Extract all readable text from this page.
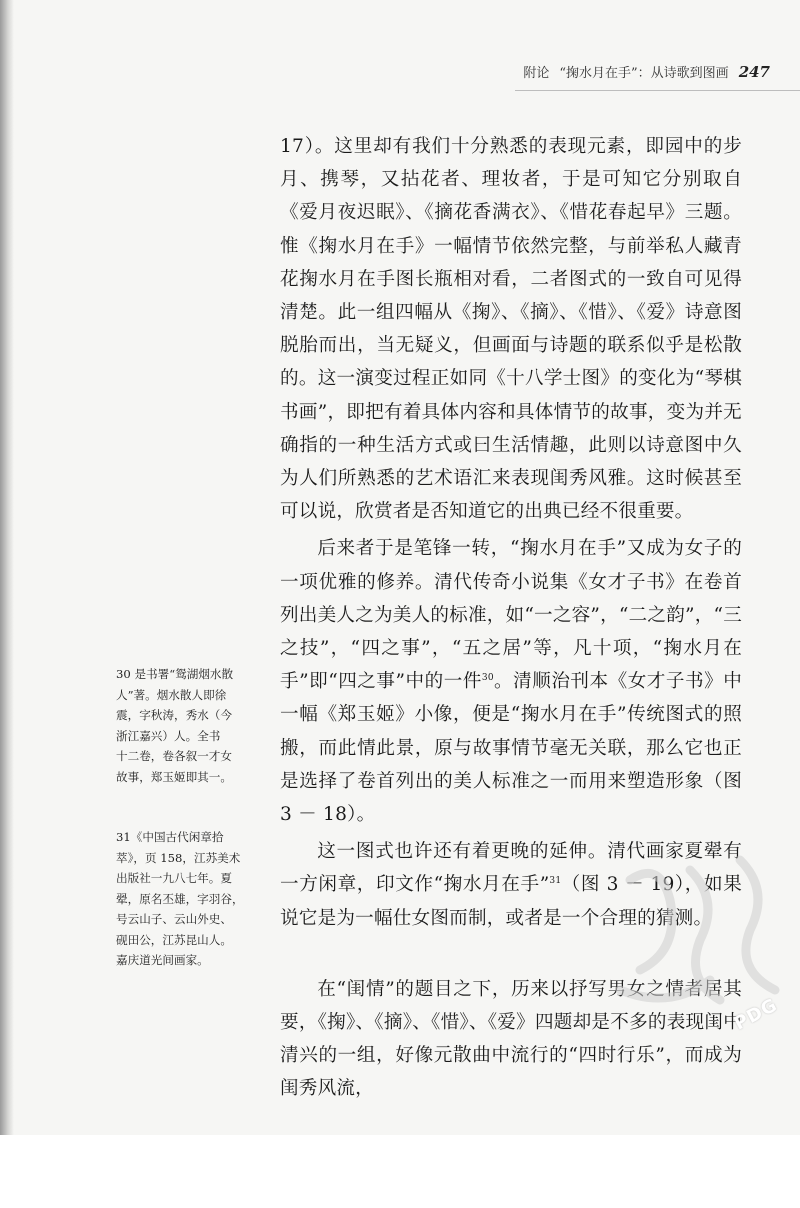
附论 “掬水月在手”：从诗歌到图画 247

17）。这里却有我们十分熟悉的表现元素，即园中的步月、携琴，又拈花者、理妆者，于是可知它分别取自《爱月夜迟眠》、《摘花香满衣》、《惜花春起早》三题。惟《掬水月在手》一幅情节依然完整，与前举私人藏青花掬水月在手图长瓶相对看，二者图式的一致自可见得清楚。此一组四幅从《掬》、《摘》、《惜》、《爱》诗意图脱胎而出，当无疑义，但画面与诗题的联系似乎是松散的。这一演变过程正如同《十八学士图》的变化为“琴棋书画”，即把有着具体内容和具体情节的故事，变为并无确指的一种生活方式或曰生活情趣，此则以诗意图中久为人们所熟悉的艺术语汇来表现闺秀风雅。这时候甚至可以说，欣赏者是否知道它的出典已经不很重要。

后来者于是笔锋一转，“掬水月在手”又成为女子的一项优雅的修养。清代传奇小说集《女才子书》在卷首列出美人之为美人的标准，如“一之容”，“二之韵”，“三之技”，“四之事”，“五之居”等，凡十项，“掬水月在手”即“四之事”中的一件$^{30}$。清顺治刊本《女才子书》中一幅《郑玉姬》小像，便是“掬水月在手”传统图式的照搬，而此情此景，原与故事情节毫无关联，那么它也正是选择了卷首列出的美人标准之一而用来塑造形象（图 3 － 18）。

这一图式也许还有着更晚的延伸。清代画家夏翚有一方闲章，印文作“掬水月在手”$^{31}$（图 3 － 19），如果说它是为一幅仕女图而制，或者是一个合理的猜测。

在“闺情”的题目之下，历来以抒写男女之情者居其要，《掬》、《摘》、《惜》、《爱》四题却是不多的表现闺中清兴的一组，好像元散曲中流行的“四时行乐”，而成为闺秀风流，

30 是书署“鸳湖烟水散
人”著。烟水散人即徐
震，字秋涛，秀水（今
浙江嘉兴）人。全书
十二卷，卷各叙一才女
故事，郑玉姬即其一。
31《中国古代闲章拾
萃》，页 158，江苏美术
出版社一九八七年。夏
翚，原名丕雄，字羽谷，
号云山子、云山外史、
砚田公，江苏昆山人。
嘉庆道光间画家。
PDG
